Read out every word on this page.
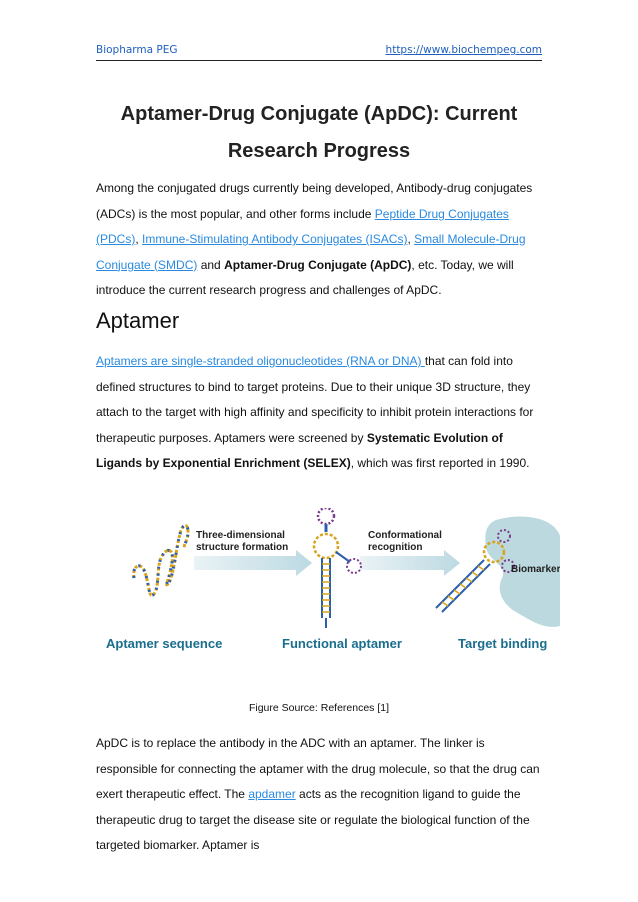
Biopharma PEG	https://www.biochempeg.com
Aptamer-Drug Conjugate (ApDC): Current
Research Progress
Among the conjugated drugs currently being developed, Antibody-drug conjugates (ADCs) is the most popular, and other forms include Peptide Drug Conjugates (PDCs), Immune-Stimulating Antibody Conjugates (ISACs), Small Molecule-Drug Conjugate (SMDC) and Aptamer-Drug Conjugate (ApDC), etc. Today, we will introduce the current research progress and challenges of ApDC.
Aptamer
Aptamers are single-stranded oligonucleotides (RNA or DNA) that can fold into defined structures to bind to target proteins. Due to their unique 3D structure, they attach to the target with high affinity and specificity to inhibit protein interactions for therapeutic purposes. Aptamers were screened by Systematic Evolution of Ligands by Exponential Enrichment (SELEX), which was first reported in 1990.
Three-dimensional
structure formation
Conformational
recognition
Biomarker
Aptamer sequence	Functional aptamer	Target binding
Figure Source: References [1]
ApDC is to replace the antibody in the ADC with an aptamer. The linker is responsible for connecting the aptamer with the drug molecule, so that the drug can exert therapeutic effect. The apdamer acts as the recognition ligand to guide the therapeutic drug to target the disease site or regulate the biological function of the targeted biomarker. Aptamer is
